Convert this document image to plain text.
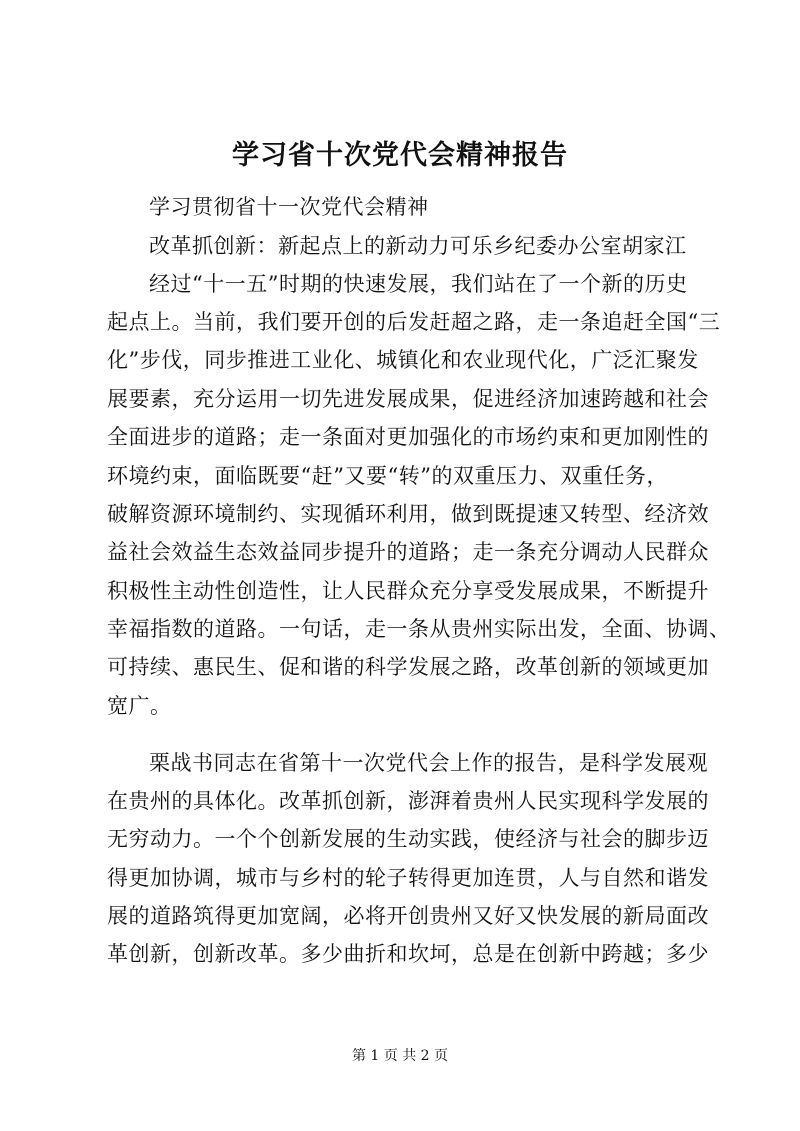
学习省十次党代会精神报告
学习贯彻省十一次党代会精神
改革抓创新：新起点上的新动力可乐乡纪委办公室胡家江
经过“十一五”时期的快速发展，我们站在了一个新的历史
起点上。当前，我们要开创的后发赶超之路，走一条追赶全国“三
化”步伐，同步推进工业化、城镇化和农业现代化，广泛汇聚发
展要素，充分运用一切先进发展成果，促进经济加速跨越和社会
全面进步的道路；走一条面对更加强化的市场约束和更加刚性的
环境约束，面临既要“赶”又要“转”的双重压力、双重任务，
破解资源环境制约、实现循环利用，做到既提速又转型、经济效
益社会效益生态效益同步提升的道路；走一条充分调动人民群众
积极性主动性创造性，让人民群众充分享受发展成果，不断提升
幸福指数的道路。一句话，走一条从贵州实际出发，全面、协调、
可持续、惠民生、促和谐的科学发展之路，改革创新的领域更加
宽广。
栗战书同志在省第十一次党代会上作的报告，是科学发展观
在贵州的具体化。改革抓创新，澎湃着贵州人民实现科学发展的
无穷动力。一个个创新发展的生动实践，使经济与社会的脚步迈
得更加协调，城市与乡村的轮子转得更加连贯，人与自然和谐发
展的道路筑得更加宽阔，必将开创贵州又好又快发展的新局面改
革创新，创新改革。多少曲折和坎坷，总是在创新中跨越；多少
第 1 页 共 2 页
